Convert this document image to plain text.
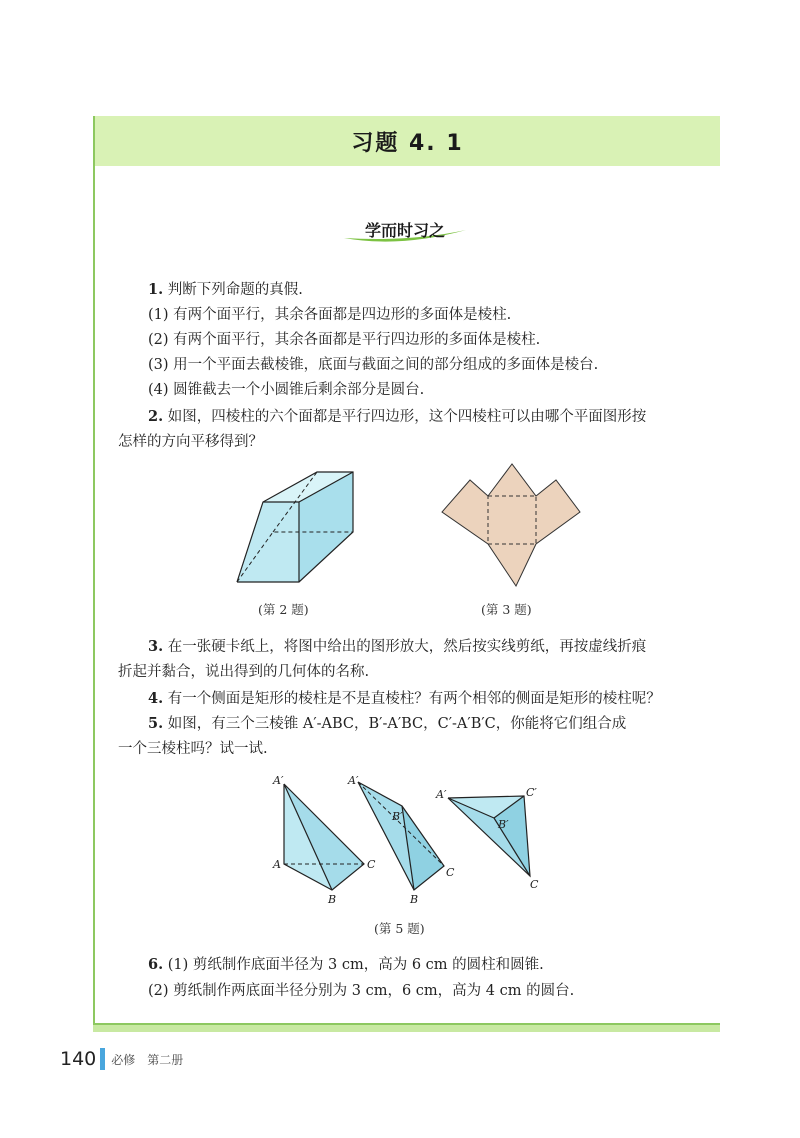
习题 4. 1
学而时习之
1. 判断下列命题的真假.
(1) 有两个面平行，其余各面都是四边形的多面体是棱柱.
(2) 有两个面平行，其余各面都是平行四边形的多面体是棱柱.
(3) 用一个平面去截棱锥，底面与截面之间的部分组成的多面体是棱台.
(4) 圆锥截去一个小圆锥后剩余部分是圆台.
2. 如图，四棱柱的六个面都是平行四边形，这个四棱柱可以由哪个平面图形按
怎样的方向平移得到？
(第 2 题)	(第 3 题)
3. 在一张硬卡纸上，将图中给出的图形放大，然后按实线剪纸，再按虚线折痕
折起并黏合，说出得到的几何体的名称.
4. 有一个侧面是矩形的棱柱是不是直棱柱？有两个相邻的侧面是矩形的棱柱呢？
5. 如图，有三个三棱锥 A′-ABC，B′-A′BC，C′-A′B′C，你能将它们组合成
一个三棱柱吗？试一试.
A′
A
B
C
A′
B′
B
C
A′	C′
B′
C
(第 5 题)
6. (1) 剪纸制作底面半径为 3 cm，高为 6 cm 的圆柱和圆锥.
(2) 剪纸制作两底面半径分别为 3 cm，6 cm，高为 4 cm 的圆台.
140 必修　第二册
